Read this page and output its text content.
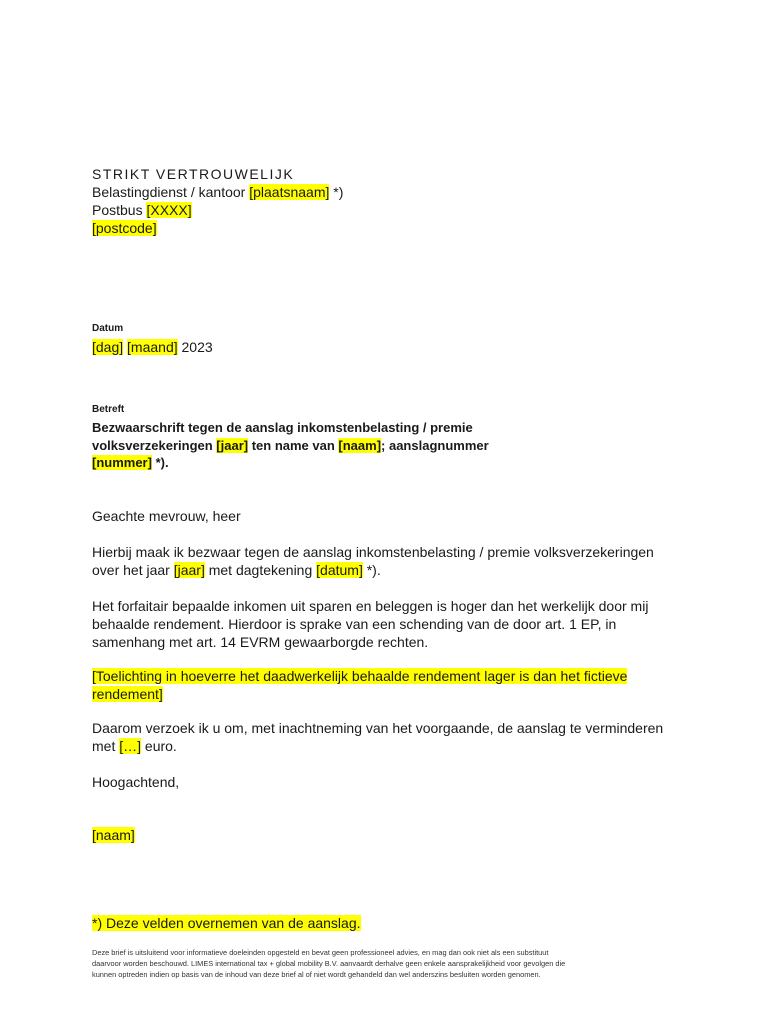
STRIKT VERTROUWELIJK

Belastingdienst / kantoor [plaatsnaam] *)

Postbus [XXXX]

[postcode]

Datum

[dag] [maand] 2023

Betreft

Bezwaarschrift tegen de aanslag inkomstenbelasting / premie

volksverzekeringen [jaar] ten name van [naam]; aanslagnummer

[nummer] *).

Geachte mevrouw, heer

Hierbij maak ik bezwaar tegen de aanslag inkomstenbelasting / premie volksverzekeringen

over het jaar [jaar] met dagtekening [datum] *).

Het forfaitair bepaalde inkomen uit sparen en beleggen is hoger dan het werkelijk door mij

behaalde rendement. Hierdoor is sprake van een schending van de door art. 1 EP, in

samenhang met art. 14 EVRM gewaarborgde rechten.

[Toelichting in hoeverre het daadwerkelijk behaalde rendement lager is dan het fictieve

rendement]

Daarom verzoek ik u om, met inachtneming van het voorgaande, de aanslag te verminderen

met […] euro.

Hoogachtend,

[naam]

*) Deze velden overnemen van de aanslag.

Deze brief is uitsluitend voor informatieve doeleinden opgesteld en bevat geen professioneel advies, en mag dan ook niet als een substituut

daarvoor worden beschouwd. LIMES international tax + global mobility B.V. aanvaardt derhalve geen enkele aansprakelijkheid voor gevolgen die

kunnen optreden indien op basis van de inhoud van deze brief al of niet wordt gehandeld dan wel anderszins besluiten worden genomen.
